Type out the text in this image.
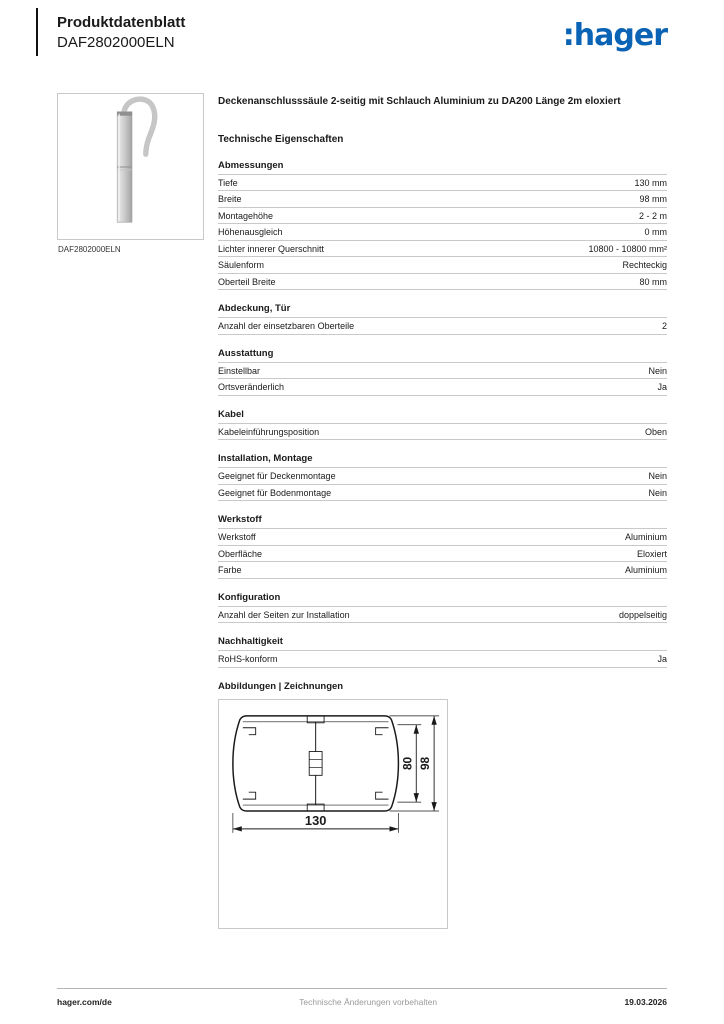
Produktdatenblatt
DAF2802000ELN	:hager
DAF2802000ELN
Deckenanschlusssäule 2-seitig mit Schlauch Aluminium zu DA200 Länge 2m eloxiert
Technische Eigenschaften
Abmessungen
Tiefe	130 mm
Breite	98 mm
Montagehöhe	2 - 2 m
Höhenausgleich	0 mm
Lichter innerer Querschnitt	10800 - 10800 mm²
Säulenform	Rechteckig
Oberteil Breite	80 mm
Abdeckung, Tür
Anzahl der einsetzbaren Oberteile	2
Ausstattung
Einstellbar	Nein
Ortsveränderlich	Ja
Kabel
Kabeleinführungsposition	Oben
Installation, Montage
Geeignet für Deckenmontage	Nein
Geeignet für Bodenmontage	Nein
Werkstoff
Werkstoff	Aluminium
Oberfläche	Eloxiert
Farbe	Aluminium
Konfiguration
Anzahl der Seiten zur Installation	doppelseitig
Nachhaltigkeit
RoHS-konform	Ja
Abbildungen | Zeichnungen
130
80 98
hager.com/de	Technische Änderungen vorbehalten	19.03.2026
